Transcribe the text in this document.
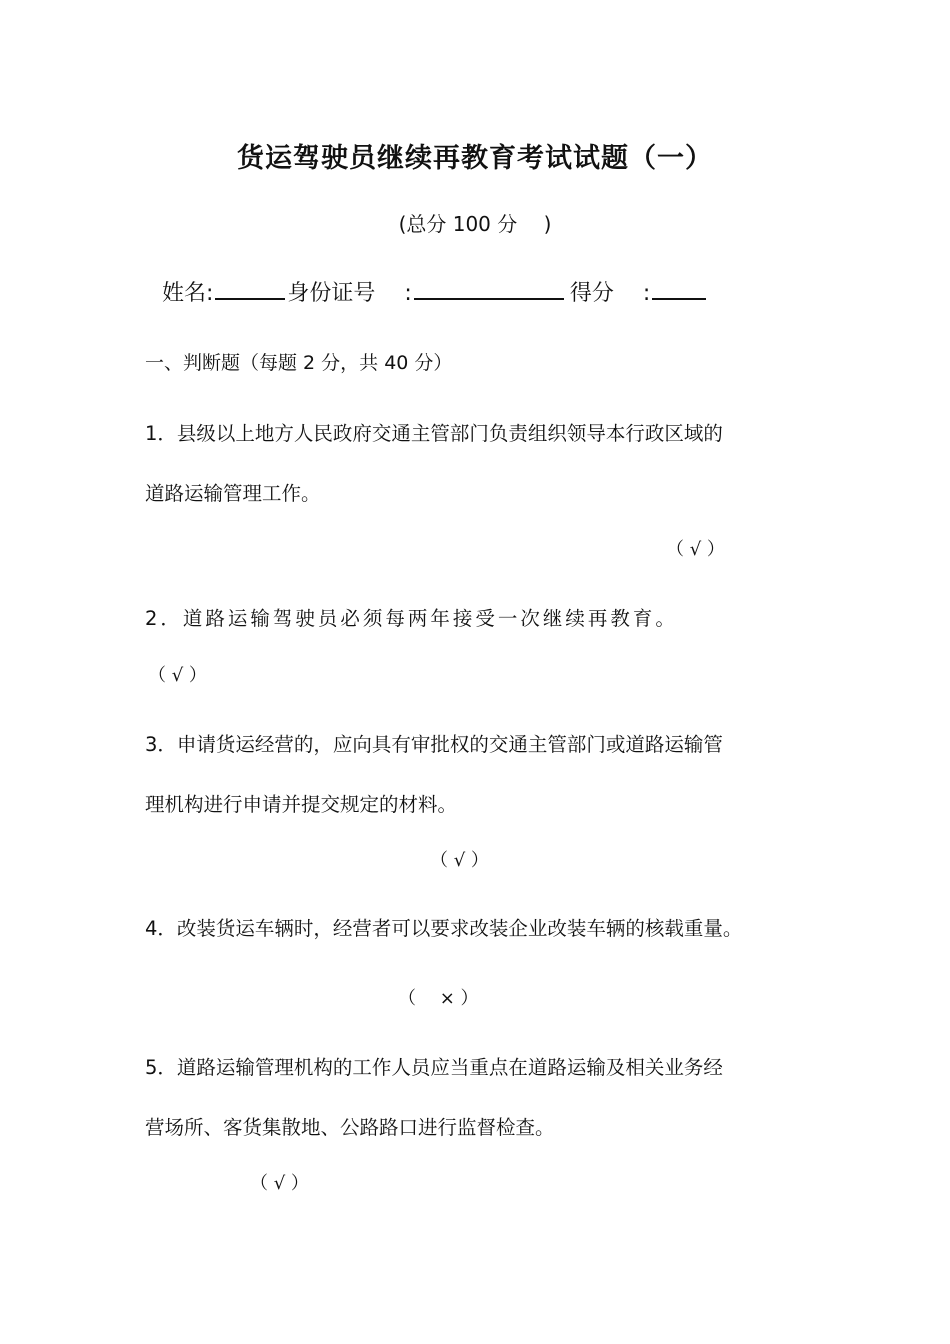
货运驾驶员继续再教育考试试题（一）
(总分 100 分 　)
姓名:	身份证号 　:	得分 　:
一、判断题（每题 2 分，共 40 分）
1．县级以上地方人民政府交通主管部门负责组织领导本行政区域的
道路运输管理工作。
（ √ ）
2．道路运输驾驶员必须每两年接受一次继续再教育。
（ √ ）
3．申请货运经营的，应向具有审批权的交通主管部门或道路运输管
理机构进行申请并提交规定的材料。
（ √ ）
4．改装货运车辆时，经营者可以要求改装企业改装车辆的核载重量。
（ 　× ）
5．道路运输管理机构的工作人员应当重点在道路运输及相关业务经
营场所、客货集散地、公路路口进行监督检查。
（ √ ）
